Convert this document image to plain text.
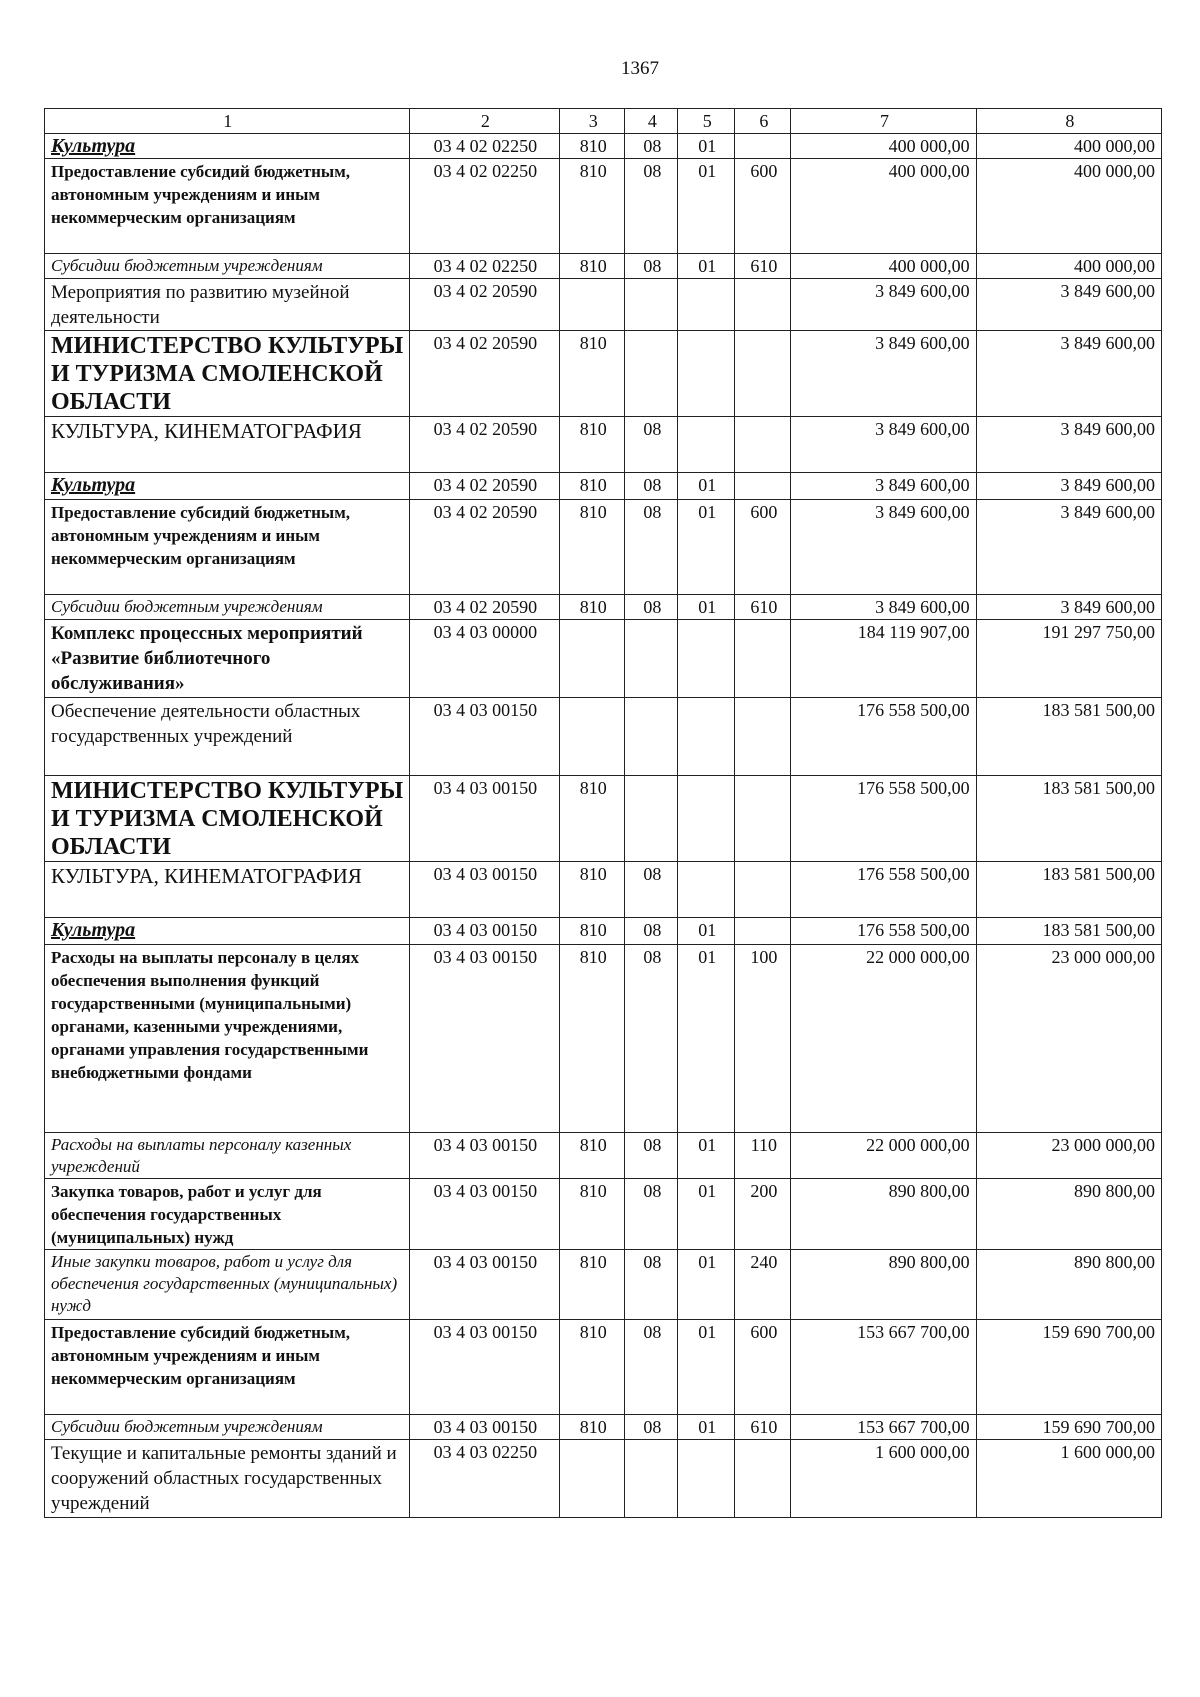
1367
1	2	3	4	5	6	7	8
Культура	03 4 02 02250	810	08	01		400 000,00	400 000,00
Предоставление субсидий бюджетным, автономным учреждениям и иным некоммерческим организациям	03 4 02 02250	810	08	01	600	400 000,00	400 000,00
Субсидии бюджетным учреждениям	03 4 02 02250	810	08	01	610	400 000,00	400 000,00
Мероприятия по развитию музейной деятельности	03 4 02 20590					3 849 600,00	3 849 600,00
МИНИСТЕРСТВО КУЛЬТУРЫ И ТУРИЗМА СМОЛЕНСКОЙ ОБЛАСТИ	03 4 02 20590	810				3 849 600,00	3 849 600,00
КУЛЬТУРА, КИНЕМАТОГРАФИЯ	03 4 02 20590	810	08			3 849 600,00	3 849 600,00
Культура	03 4 02 20590	810	08	01		3 849 600,00	3 849 600,00
Предоставление субсидий бюджетным, автономным учреждениям и иным некоммерческим организациям	03 4 02 20590	810	08	01	600	3 849 600,00	3 849 600,00
Субсидии бюджетным учреждениям	03 4 02 20590	810	08	01	610	3 849 600,00	3 849 600,00
Комплекс процессных мероприятий «Развитие библиотечного обслуживания»	03 4 03 00000					184 119 907,00	191 297 750,00
Обеспечение деятельности областных государственных учреждений	03 4 03 00150					176 558 500,00	183 581 500,00
МИНИСТЕРСТВО КУЛЬТУРЫ И ТУРИЗМА СМОЛЕНСКОЙ ОБЛАСТИ	03 4 03 00150	810				176 558 500,00	183 581 500,00
КУЛЬТУРА, КИНЕМАТОГРАФИЯ	03 4 03 00150	810	08			176 558 500,00	183 581 500,00
Культура	03 4 03 00150	810	08	01		176 558 500,00	183 581 500,00
Расходы на выплаты персоналу в целях обеспечения выполнения функций государственными (муниципальными) органами, казенными учреждениями, органами управления государственными внебюджетными фондами	03 4 03 00150	810	08	01	100	22 000 000,00	23 000 000,00
Расходы на выплаты персоналу казенных учреждений	03 4 03 00150	810	08	01	110	22 000 000,00	23 000 000,00
Закупка товаров, работ и услуг для обеспечения государственных (муниципальных) нужд	03 4 03 00150	810	08	01	200	890 800,00	890 800,00
Иные закупки товаров, работ и услуг для обеспечения государственных (муниципальных) нужд	03 4 03 00150	810	08	01	240	890 800,00	890 800,00
Предоставление субсидий бюджетным, автономным учреждениям и иным некоммерческим организациям	03 4 03 00150	810	08	01	600	153 667 700,00	159 690 700,00
Субсидии бюджетным учреждениям	03 4 03 00150	810	08	01	610	153 667 700,00	159 690 700,00
Текущие и капитальные ремонты зданий и сооружений областных государственных учреждений	03 4 03 02250					1 600 000,00	1 600 000,00
